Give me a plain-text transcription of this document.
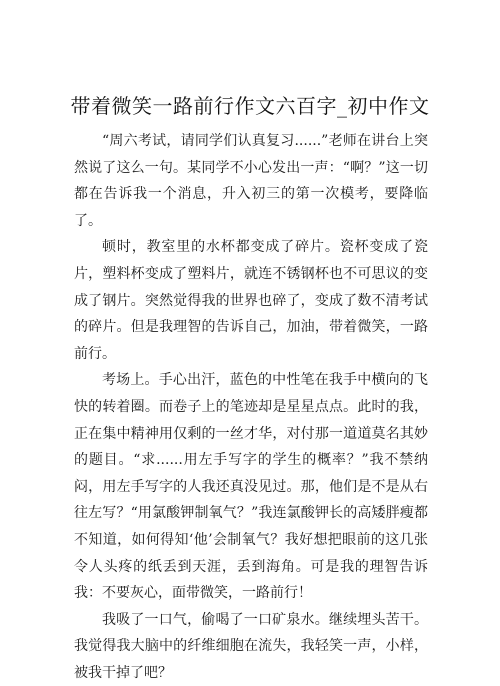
带着微笑一路前行作文六百字_初中作文

“周六考试，请同学们认真复习......”老师在讲台上突然说了这么一句。某同学不小心发出一声：“啊？”这一切都在告诉我一个消息，升入初三的第一次模考，要降临了。

顿时，教室里的水杯都变成了碎片。瓷杯变成了瓷片，塑料杯变成了塑料片，就连不锈钢杯也不可思议的变成了钢片。突然觉得我的世界也碎了，变成了数不清考试的碎片。但是我理智的告诉自己，加油，带着微笑，一路前行。

考场上。手心出汗，蓝色的中性笔在我手中横向的飞快的转着圈。而卷子上的笔迹却是星星点点。此时的我，正在集中精神用仅剩的一丝才华，对付那一道道莫名其妙的题目。“求......用左手写字的学生的概率？”我不禁纳闷，用左手写字的人我还真没见过。那，他们是不是从右往左写？“用氯酸钾制氧气？”我连氯酸钾长的高矮胖瘦都不知道，如何得知‘他’会制氧气？我好想把眼前的这几张令人头疼的纸丢到天涯，丢到海角。可是我的理智告诉我：不要灰心，面带微笑，一路前行！

我吸了一口气，偷喝了一口矿泉水。继续埋头苦干。我觉得我大脑中的纤维细胞在流失，我轻笑一声，小样，被我干掉了吧？
